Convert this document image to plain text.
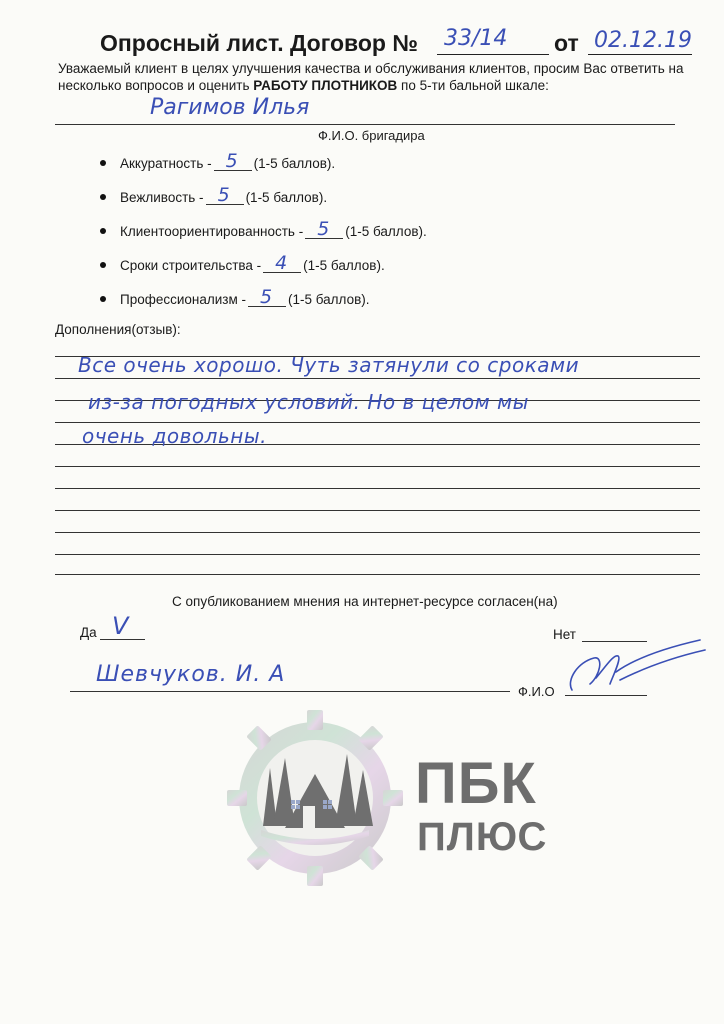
Опросный лист. Договор № 33/14 от 02.12.19
Уважаемый клиент в целях улучшения качества и обслуживания клиентов, просим Вас ответить на несколько вопросов и оценить РАБОТУ ПЛОТНИКОВ по 5-ти бальной шкале:
Рагимов Илья
Ф.И.О. бригадира
Аккуратность - 5 (1-5 баллов).
Вежливость - 5 (1-5 баллов).
Клиентоориентированность - 5 (1-5 баллов).
Сроки строительства - 4 (1-5 баллов).
Профессионализм - 5 (1-5 баллов).
Дополнения(отзыв):
Все очень хорошо. Чуть затянули со сроками
из-за погодных условий. Но в целом мы
очень довольны.
С опубликованием мнения на интернет-ресурсе согласен(на)
Да V	Нет
Шевчуков. И. А
Ф.И.О
ПБК
ПЛЮС
